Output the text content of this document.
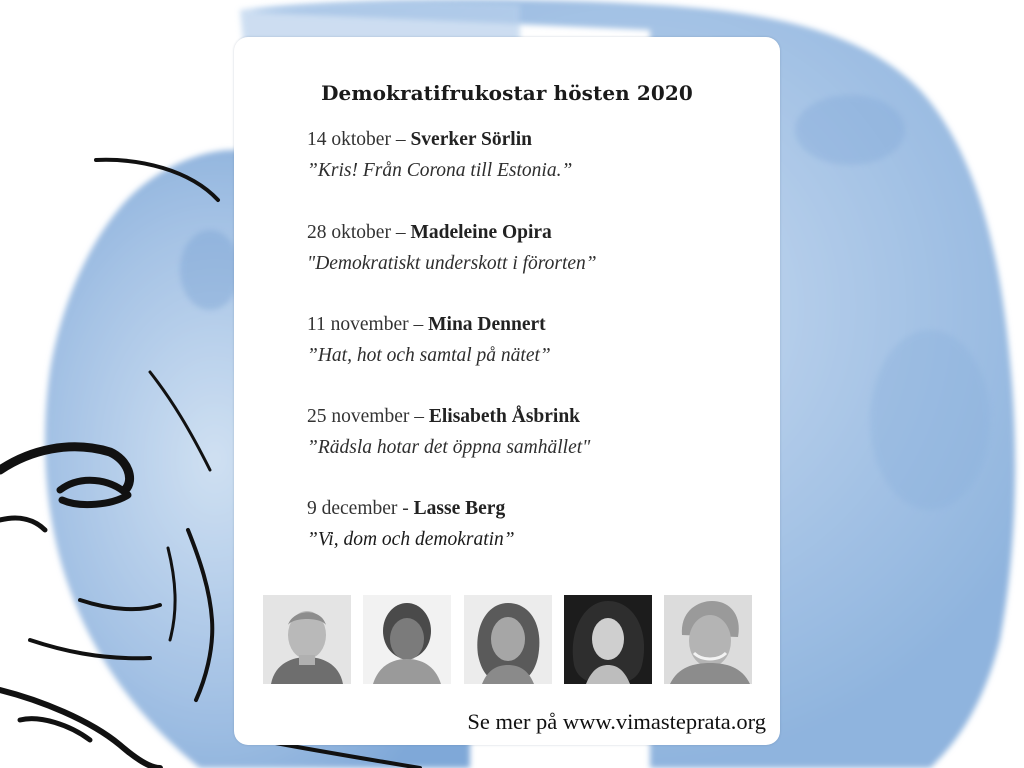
Demokratifrukostar hösten 2020
14 oktober – Sverker Sörlin
”Kris! Från Corona till Estonia.”
28 oktober – Madeleine Opira
"Demokratiskt underskott i förorten”
11 november – Mina Dennert
”Hat, hot och samtal på nätet”
25 november – Elisabeth Åsbrink
”Rädsla hotar det öppna samhället"
9 december - Lasse Berg
”Vi, dom och demokratin”
Se mer på www.vimasteprata.org
